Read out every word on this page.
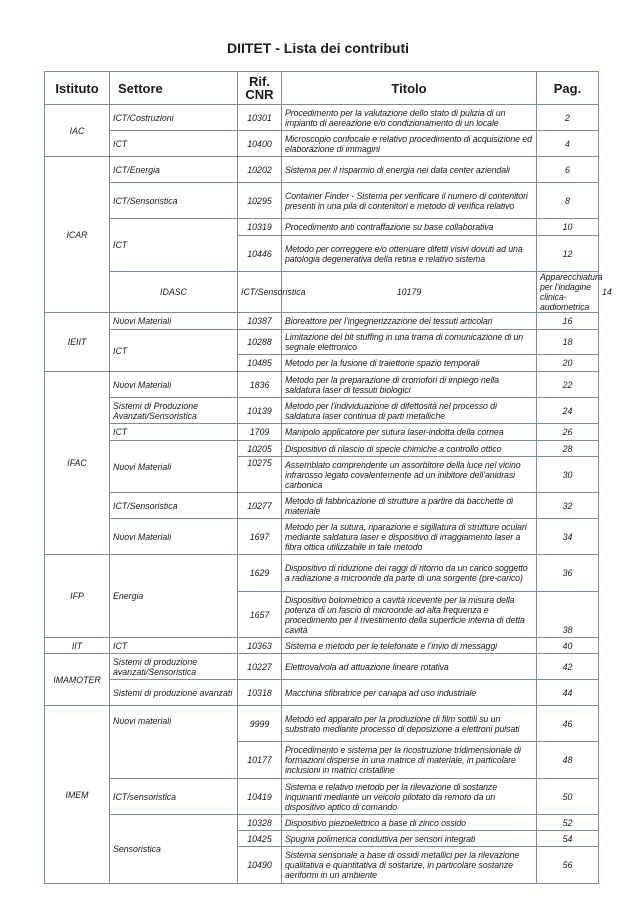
DIITET - Lista dei contributi
Istituto	Settore	Rif. CNR	Titolo	Pag.	
IAC	ICT/Costruzioni	10301	Procedimento per la valutazione dello stato di pulizia di un impianto di aereazione e/o condizionamento di un locale	2	
	ICT	10400	Microscopio confocale e relativo procedimento di acquisizione ed elaborazione di immagini	4	
ICAR	ICT/Energia	10202	Sistema per il risparmio di energia nei data center aziendali	6	
	ICT/Sensoristica	10295	Container Finder - Sistema per verificare il numero di contenitori presenti in una pila di contenitori e metodo di verifica relativo	8	
	ICT	10319	Procedimento anti contraffazione su base collaborativa	10	
		10446	Metodo per correggere e/o ottenuare difetti visivi dovuti ad una patologia degenerativa della retina e relativo sistema	12	
	IDASC	ICT/Sensoristica	10179	Apparecchiatura per l’indagine clinica-audiometrica	14
IEIIT	Nuovi Materiali	10387	Bioreattore per l’ingegnerizzazione dei tessuti articolari	16	
	ICT	10288	Limitazione del bit stuffing in una trama di comunicazione di un segnale elettronico	18	
		10485	Metodo per la fusione di traiettorie spazio temporali	20	
IFAC	Nuovi Materiali	1836	Metodo per la preparazione di cromofori di impiego nella saldatura laser di tessuti biologici	22	
	Sistemi di Produzione Avanzati/Sensoristica	10139	Metodo per l’individuazione di difettosità nel processo di saldatura laser continua di parti metalliche	24	
	ICT	1709	Manipolo applicatore per sutura laser-indotta della cornea	26	
	Nuovi Materiali	10205	Dispositivo di rilascio di specie chimiche a controllo ottico	28	
		10275	Assemblato comprendente un assorbitore della luce nel vicino infrarosso legato covalentemente ad un inibitore dell’anidrasi carbonica	30	
	ICT/Sensoristica	10277	Metodo di fabbricazione di strutture a partire da bacchette di materiale	32	
	Nuovi Materiali	1697	Metodo per la sutura, riparazione e sigillatura di strutture oculari mediante saldatura laser e dispositivo di irraggiamento laser a fibra ottica utilizzabile in tale metodo	34	
IFP	Energia	1629	Dispositivo di riduzione dei raggi di ritorno da un carico soggetto a radiazione a microonde da parte di una sorgente (pre-carico)	36	
		1657	Dispositivo bolometrico a cavità ricevente per la misura della potenza di un fascio di microonde ad alta frequenza e procedimento per il rivestimento della superficie interna di detta cavità	38	
IIT	ICT	10363	Sistema e metodo per le telefonate e l’invio di messaggi	40	
IMAMOTER	Sistemi di produzione avanzati/Sensoristica	10227	Elettrovalvola ad attuazione lineare rotativa	42	
	Sistemi di produzione avanzati	10318	Macchina sfibratrice per canapa ad uso industriale	44	
IMEM	Nuovi materiali	9999	Metodo ed apparato per la produzione di film sottili su un substrato mediante processo di deposizione a elettroni pulsati	46	
		10177	Procedimento e sistema per la ricostruzione tridimensionale di formazioni disperse in una matrice di materiale, in particolare inclusioni in matrici cristalline	48	
	ICT/sensoristica	10419	Sistema e relativo metodo per la rilevazione di sostanze inquinanti mediante un veicolo pilotato da remoto da un dispositivo aptico di comando	50	
	Sensoristica	10328	Dispositivo piezoelettrico a base di zinco ossido	52	
		10425	Spugna polimerica conduttiva per sensori integrati	54	
		10490	Sistema sensoriale a base di ossidi metallici per la rilevazione qualitativa e quantitativa di sostanze, in particolare sostanze aeriformi in un ambiente	56	
